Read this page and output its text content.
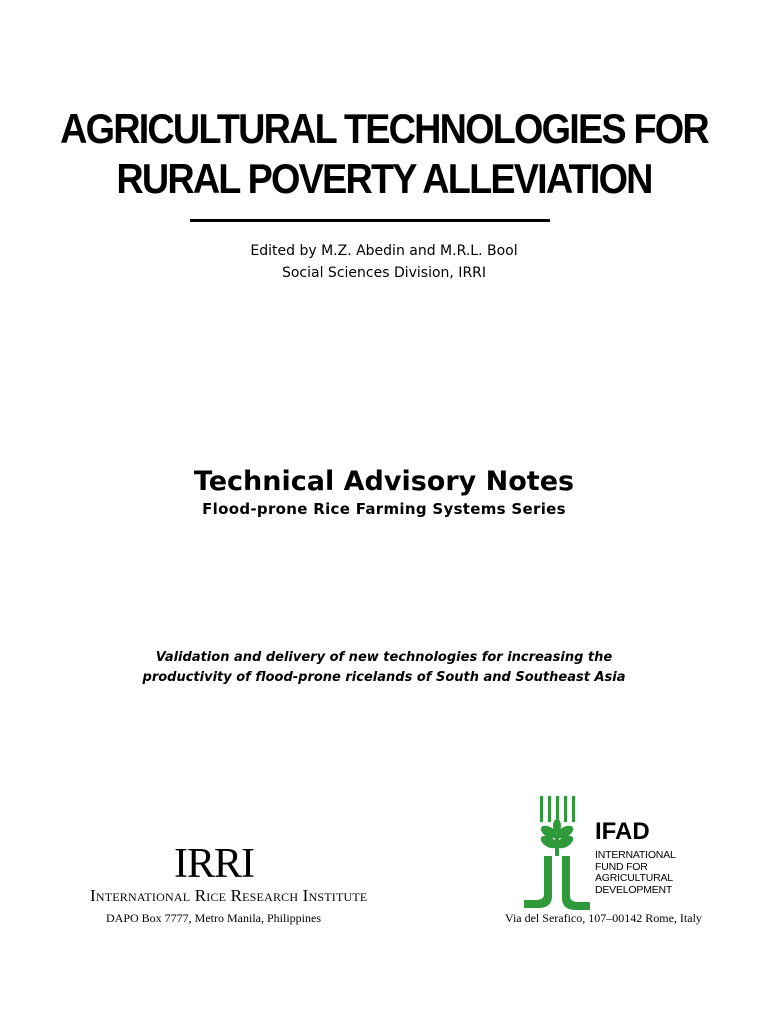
AGRICULTURAL TECHNOLOGIES FOR
RURAL POVERTY ALLEVIATION
Edited by M.Z. Abedin and M.R.L. Bool
Social Sciences Division, IRRI
Technical Advisory Notes
Flood-prone Rice Farming Systems Series
Validation and delivery of new technologies for increasing the
productivity of flood-prone ricelands of South and Southeast Asia
IRRI
International Rice Research Institute
DAPO Box 7777, Metro Manila, Philippines
IFAD
INTERNATIONAL
FUND FOR
AGRICULTURAL
DEVELOPMENT
Via del Serafico, 107–00142 Rome, Italy
